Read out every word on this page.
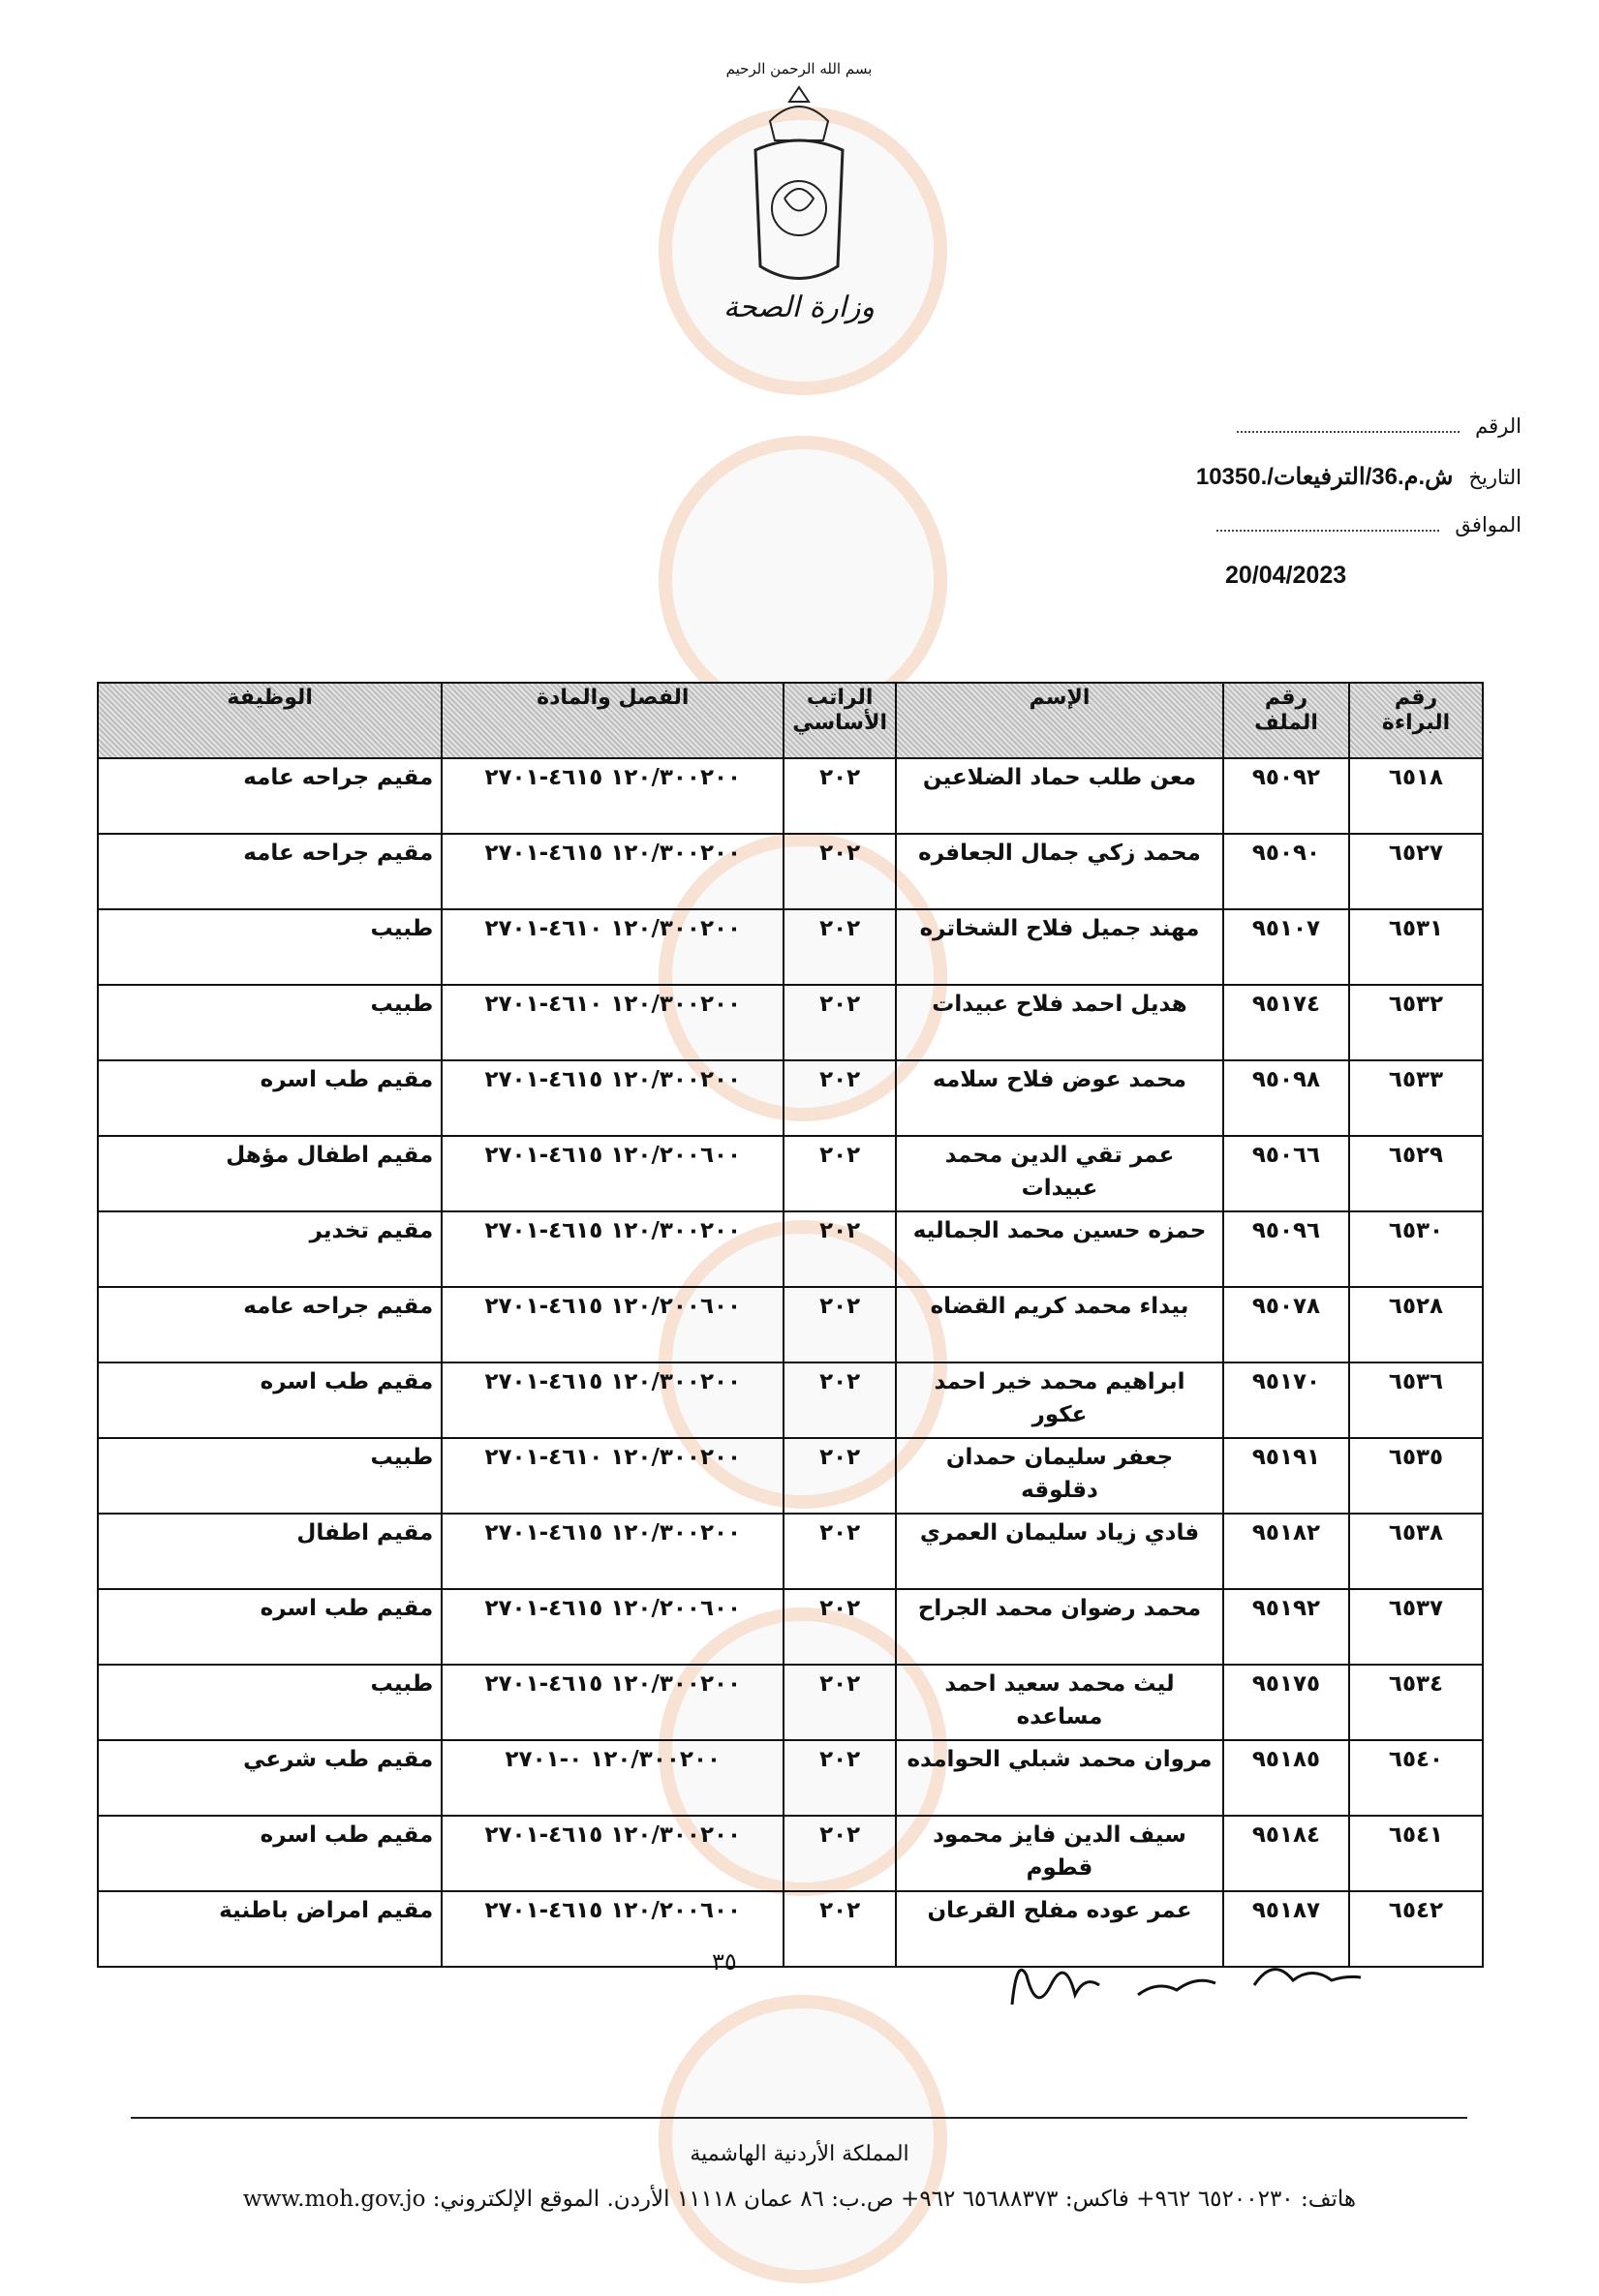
بسم الله الرحمن الرحيم
وزارة الصحة
الرقم
التاريخ
ش.م.36/الترفيعات/.10350
الموافق
20/04/2023
رقم البراءة	رقم الملف	الإسم	الراتب الأساسي	الفصل والمادة	الوظيفة
٦٥١٨	٩٥٠٩٢	معن طلب حماد الضلاعين	٢٠٢	١٢٠/٣٠٠٢٠٠ ٤٦١٥-٢٧٠١	مقيم جراحه عامه
٦٥٢٧	٩٥٠٩٠	محمد زكي جمال الجعافره	٢٠٢	١٢٠/٣٠٠٢٠٠ ٤٦١٥-٢٧٠١	مقيم جراحه عامه
٦٥٣١	٩٥١٠٧	مهند جميل فلاح الشخاتره	٢٠٢	١٢٠/٣٠٠٢٠٠ ٤٦١٠-٢٧٠١	طبيب
٦٥٣٢	٩٥١٧٤	هديل احمد فلاح عبيدات	٢٠٢	١٢٠/٣٠٠٢٠٠ ٤٦١٠-٢٧٠١	طبيب
٦٥٣٣	٩٥٠٩٨	محمد عوض فلاح سلامه	٢٠٢	١٢٠/٣٠٠٢٠٠ ٤٦١٥-٢٧٠١	مقيم طب اسره
٦٥٢٩	٩٥٠٦٦	عمر تقي الدين محمد عبيدات	٢٠٢	١٢٠/٢٠٠٦٠٠ ٤٦١٥-٢٧٠١	مقيم اطفال مؤهل
٦٥٣٠	٩٥٠٩٦	حمزه حسين محمد الجماليه	٢٠٢	١٢٠/٣٠٠٢٠٠ ٤٦١٥-٢٧٠١	مقيم تخدير
٦٥٢٨	٩٥٠٧٨	بيداء محمد كريم القضاه	٢٠٢	١٢٠/٢٠٠٦٠٠ ٤٦١٥-٢٧٠١	مقيم جراحه عامه
٦٥٣٦	٩٥١٧٠	ابراهيم محمد خير احمد عكور	٢٠٢	١٢٠/٣٠٠٢٠٠ ٤٦١٥-٢٧٠١	مقيم طب اسره
٦٥٣٥	٩٥١٩١	جعفر سليمان حمدان دقلوقه	٢٠٢	١٢٠/٣٠٠٢٠٠ ٤٦١٠-٢٧٠١	طبيب
٦٥٣٨	٩٥١٨٢	فادي زياد سليمان العمري	٢٠٢	١٢٠/٣٠٠٢٠٠ ٤٦١٥-٢٧٠١	مقيم اطفال
٦٥٣٧	٩٥١٩٢	محمد رضوان محمد الجراح	٢٠٢	١٢٠/٢٠٠٦٠٠ ٤٦١٥-٢٧٠١	مقيم طب اسره
٦٥٣٤	٩٥١٧٥	ليث محمد سعيد احمد مساعده	٢٠٢	١٢٠/٣٠٠٢٠٠ ٤٦١٥-٢٧٠١	طبيب
٦٥٤٠	٩٥١٨٥	مروان محمد شبلي الحوامده	٢٠٢	١٢٠/٣٠٠٢٠٠ ٠-٢٧٠١	مقيم طب شرعي
٦٥٤١	٩٥١٨٤	سيف الدين فايز محمود قطوم	٢٠٢	١٢٠/٣٠٠٢٠٠ ٤٦١٥-٢٧٠١	مقيم طب اسره
٦٥٤٢	٩٥١٨٧	عمر عوده مفلح القرعان	٢٠٢	١٢٠/٢٠٠٦٠٠ ٤٦١٥-٢٧٠١	مقيم امراض باطنية
٣٥
المملكة الأردنية الهاشمية
هاتف: ٦٥٢٠٠٢٣٠ ٩٦٢+ فاكس: ٦٥٦٨٨٣٧٣ ٩٦٢+ ص.ب: ٨٦ عمان ١١١١٨ الأردن. الموقع الإلكتروني: www.moh.gov.jo
